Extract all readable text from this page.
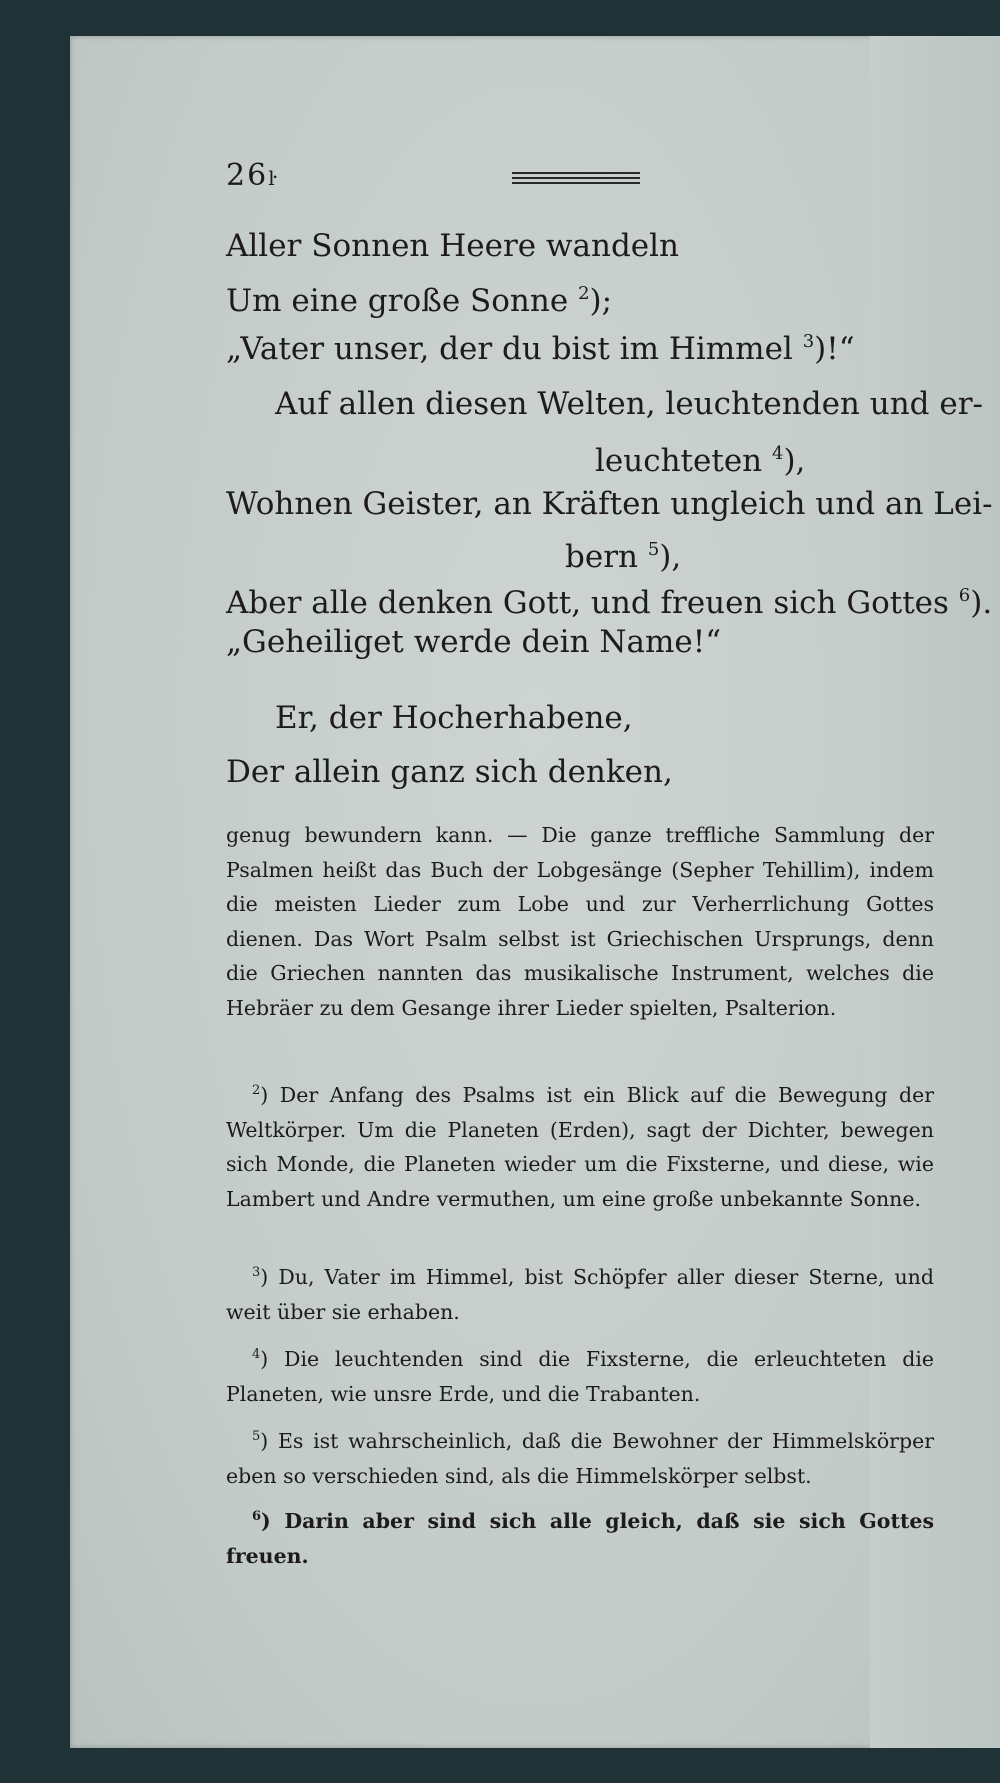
26ŀ
Aller Sonnen Heere wandeln
Um eine große Sonne $^2$);
„Vater unser, der du bist im Himmel $^3$)!“
Auf allen diesen Welten, leuchtenden und er-
leuchteten $^4$),
Wohnen Geister, an Kräften ungleich und an Lei-
bern $^5$),
Aber alle denken Gott, und freuen sich Gottes $^6$).
„Geheiliget werde dein Name!“
Er, der Hocherhabene,
Der allein ganz sich denken,
genug bewundern kann. — Die ganze treffliche Sammlung der Psalmen heißt das Buch der Lobgesänge (Sepher Tehillim), indem die meisten Lieder zum Lobe und zur Verherrlichung Gottes dienen. Das Wort Psalm selbst ist Griechischen Ursprungs, denn die Griechen nannten das musikalische Instrument, welches die Hebräer zu dem Gesange ihrer Lieder spielten, Psalterion.
$^2$) Der Anfang des Psalms ist ein Blick auf die Bewegung der Weltkörper. Um die Planeten (Erden), sagt der Dichter, bewegen sich Monde, die Planeten wieder um die Fixsterne, und diese, wie Lambert und Andre vermuthen, um eine große unbekannte Sonne.
$^3$) Du, Vater im Himmel, bist Schöpfer aller dieser Sterne, und weit über sie erhaben.
$^4$) Die leuchtenden sind die Fixsterne, die erleuchteten die Planeten, wie unsre Erde, und die Trabanten.
$^5$) Es ist wahrscheinlich, daß die Bewohner der Himmelskörper eben so verschieden sind, als die Himmelskörper selbst.
$^6$) Darin aber sind sich alle gleich, daß sie sich Gottes freuen.
